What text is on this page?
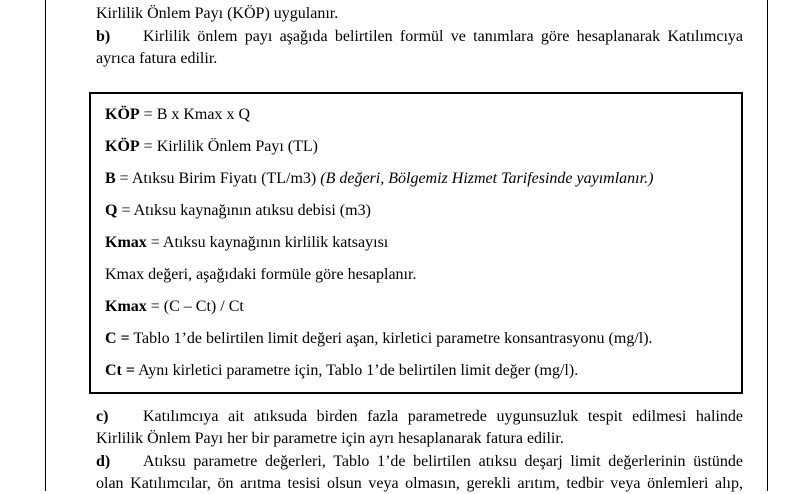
Kirlilik Önlem Payı (KÖP) uygulanır.
b) Kirlilik önlem payı aşağıda belirtilen formül ve tanımlara göre hesaplanarak Katılımcıya
ayrıca fatura edilir.
KÖP = B x Kmax x Q
KÖP = Kirlilik Önlem Payı (TL)
B = Atıksu Birim Fiyatı (TL/m3) (B değeri, Bölgemiz Hizmet Tarifesinde yayımlanır.)
Q = Atıksu kaynağının atıksu debisi (m3)
Kmax = Atıksu kaynağının kirlilik katsayısı
Kmax değeri, aşağıdaki formüle göre hesaplanır.
Kmax = (C – Ct) / Ct
C = Tablo 1’de belirtilen limit değeri aşan, kirletici parametre konsantrasyonu (mg/l).
Ct = Aynı kirletici parametre için, Tablo 1’de belirtilen limit değer (mg/l).
c) Katılımcıya ait atıksuda birden fazla parametrede uygunsuzluk tespit edilmesi halinde
Kirlilik Önlem Payı her bir parametre için ayrı hesaplanarak fatura edilir.
d) Atıksu parametre değerleri, Tablo 1’de belirtilen atıksu deşarj limit değerlerinin üstünde
olan Katılımcılar, ön arıtma tesisi olsun veya olmasın, gerekli arıtım, tedbir veya önlemleri alıp,
